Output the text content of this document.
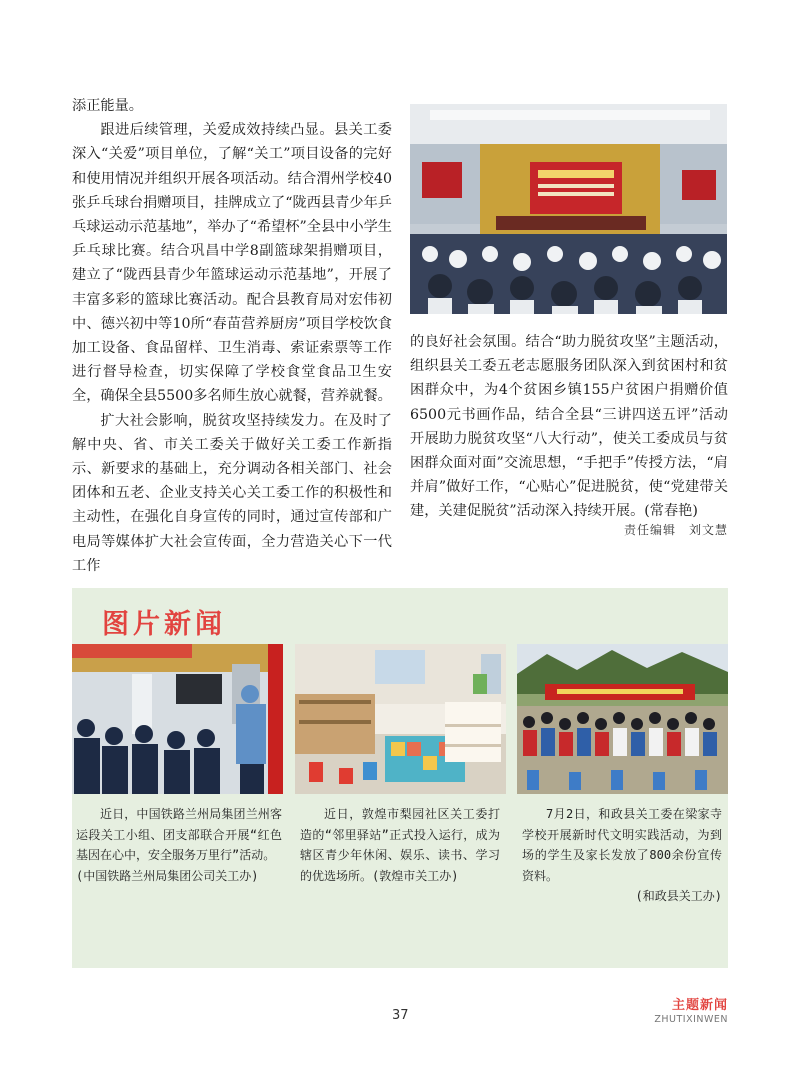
添正能量。

跟进后续管理，关爱成效持续凸显。县关工委深入“关爱”项目单位，了解“关工”项目设备的完好和使用情况并组织开展各项活动。结合渭州学校40张乒乓球台捐赠项目，挂牌成立了“陇西县青少年乒乓球运动示范基地”，举办了“希望杯”全县中小学生乒乓球比赛。结合巩昌中学8副篮球架捐赠项目，建立了“陇西县青少年篮球运动示范基地”，开展了丰富多彩的篮球比赛活动。配合县教育局对宏伟初中、德兴初中等10所“春苗营养厨房”项目学校饮食加工设备、食品留样、卫生消毒、索证索票等工作进行督导检查，切实保障了学校食堂食品卫生安全，确保全县5500多名师生放心就餐，营养就餐。

扩大社会影响，脱贫攻坚持续发力。在及时了解中央、省、市关工委关于做好关工委工作新指示、新要求的基础上，充分调动各相关部门、社会团体和五老、企业支持关心关工委工作的积极性和主动性，在强化自身宣传的同时，通过宣传部和广电局等媒体扩大社会宣传面，全力营造关心下一代工作

的良好社会氛围。结合“助力脱贫攻坚”主题活动，组织县关工委五老志愿服务团队深入到贫困村和贫困群众中，为4个贫困乡镇155户贫困户捐赠价值6500元书画作品，结合全县“三讲四送五评”活动开展助力脱贫攻坚“八大行动”，使关工委成员与贫困群众面对面”交流思想，“手把手”传授方法，“肩并肩”做好工作，“心贴心”促进脱贫，使“党建带关建，关建促脱贫”活动深入持续开展。(常春艳)

责任编辑　刘文慧
图片新闻
近日，中国铁路兰州局集团兰州客运段关工小组、团支部联合开展“红色基因在心中，安全服务万里行”活动。
(中国铁路兰州局集团公司关工办)
近日，敦煌市梨园社区关工委打造的“邻里驿站”正式投入运行，成为辖区青少年休闲、娱乐、读书、学习的优选场所。(敦煌市关工办)
7月2日，和政县关工委在梁家寺学校开展新时代文明实践活动，为到场的学生及家长发放了800余份宣传资料。
(和政县关工办)
37
主题新闻
ZHUTIXINWEN
